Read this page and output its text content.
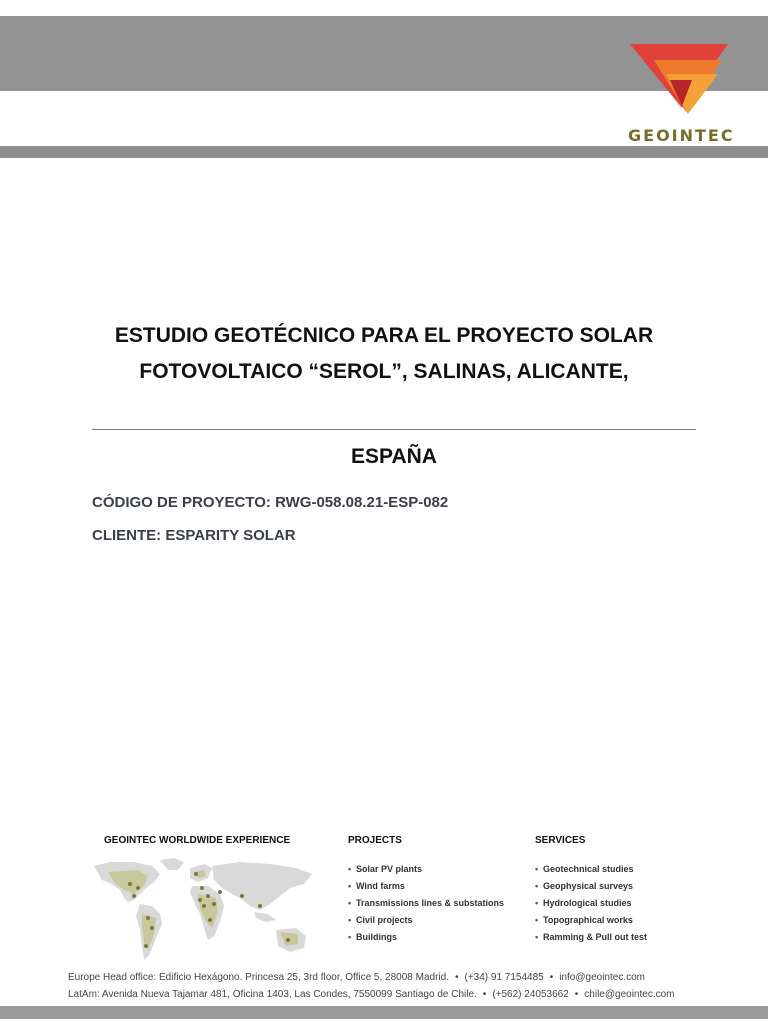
GEOINTEC
ESTUDIO GEOTÉCNICO PARA EL PROYECTO SOLAR
FOTOVOLTAICO “SEROL”, SALINAS, ALICANTE,
ESPAÑA
CÓDIGO DE PROYECTO: RWG-058.08.21-ESP-082
CLIENTE: ESPARITY SOLAR
GEOINTEC WORLDWIDE EXPERIENCE	PROJECTS	SERVICES
• Solar PV plants
• Wind farms
• Transmissions lines & substations
• Civil projects
• Buildings
• Geotechnical studies
• Geophysical surveys
• Hydrological studies
• Topographical works
• Ramming & Pull out test
Europe Head office: Edificio Hexágono. Princesa 25, 3rd floor, Office 5, 28008 Madrid. • (+34) 91 7154485 • info@geointec.com
LatAm: Avenida Nueva Tajamar 481, Oficina 1403, Las Condes, 7550099 Santiago de Chile. • (+562) 24053662 • chile@geointec.com
